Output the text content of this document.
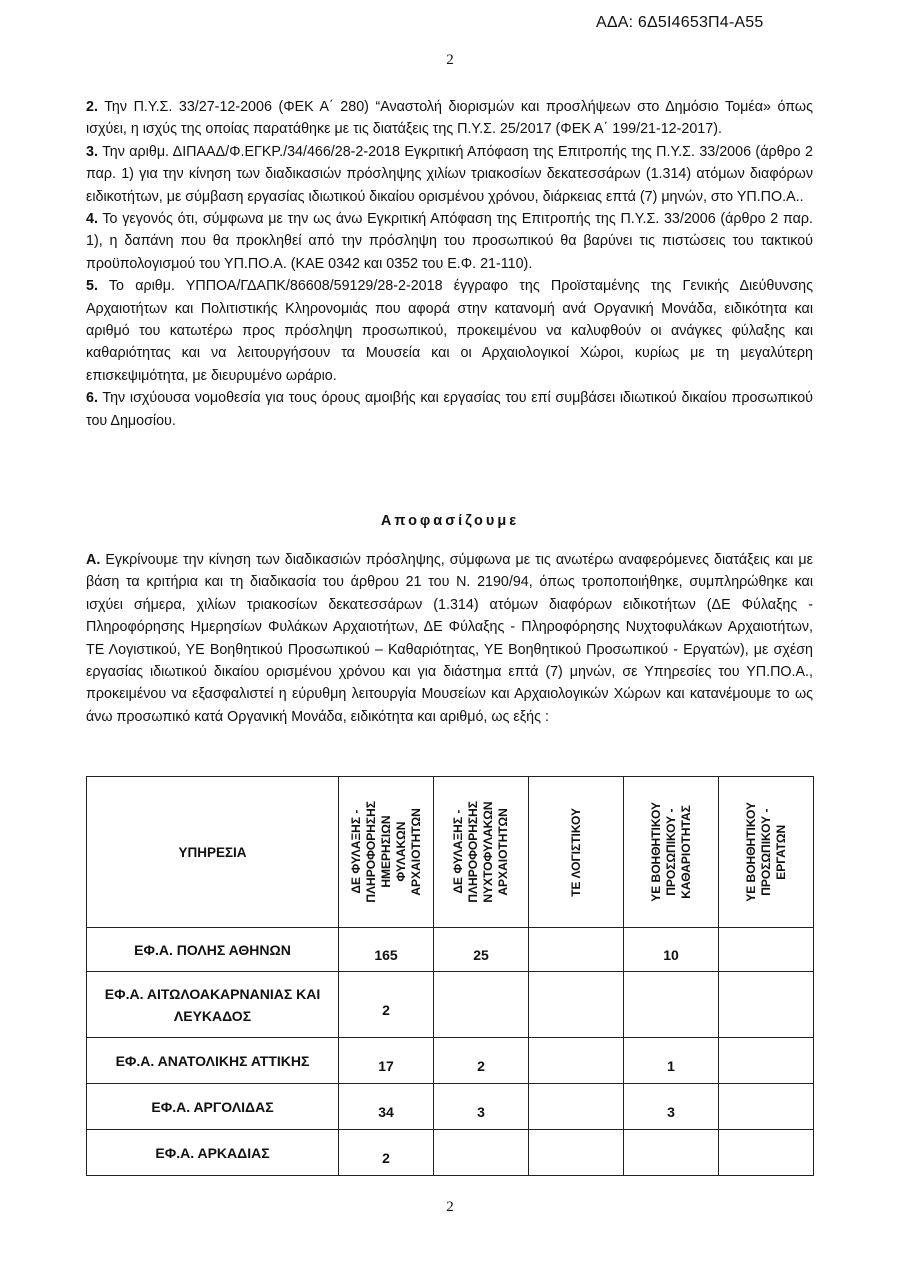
ΑΔΑ: 6Δ5Ι4653Π4-Α55
2

2. Την Π.Υ.Σ. 33/27-12-2006 (ΦΕΚ Α΄ 280) “Αναστολή διορισμών και προσλήψεων στο Δημόσιο Τομέα» όπως ισχύει, η ισχύς της οποίας παρατάθηκε με τις διατάξεις της Π.Υ.Σ. 25/2017 (ΦΕΚ Α΄ 199/21-12-2017).

3. Την αριθμ. ΔΙΠΑΑΔ/Φ.ΕΓΚΡ./34/466/28-2-2018 Εγκριτική Απόφαση της Επιτροπής της Π.Υ.Σ. 33/2006 (άρθρο 2 παρ. 1) για την κίνηση των διαδικασιών πρόσληψης χιλίων τριακοσίων δεκατεσσάρων (1.314) ατόμων διαφόρων ειδικοτήτων, με σύμβαση εργασίας ιδιωτικού δικαίου ορισμένου χρόνου, διάρκειας επτά (7) μηνών, στο ΥΠ.ΠΟ.Α..

4. Το γεγονός ότι, σύμφωνα με την ως άνω Εγκριτική Απόφαση της Επιτροπής της Π.Υ.Σ. 33/2006 (άρθρο 2 παρ. 1), η δαπάνη που θα προκληθεί από την πρόσληψη του προσωπικού θα βαρύνει τις πιστώσεις του τακτικού προϋπολογισμού του ΥΠ.ΠΟ.Α. (ΚΑΕ 0342 και 0352 του Ε.Φ. 21-110).

5. Το αριθμ. ΥΠΠΟΑ/ΓΔΑΠΚ/86608/59129/28-2-2018 έγγραφο της Προϊσταμένης της Γενικής Διεύθυνσης Αρχαιοτήτων και Πολιτιστικής Κληρονομιάς που αφορά στην κατανομή ανά Οργανική Μονάδα, ειδικότητα και αριθμό του κατωτέρω προς πρόσληψη προσωπικού, προκειμένου να καλυφθούν οι ανάγκες φύλαξης και καθαριότητας και να λειτουργήσουν τα Μουσεία και οι Αρχαιολογικοί Χώροι, κυρίως με τη μεγαλύτερη επισκεψιμότητα, με διευρυμένο ωράριο.

6. Την ισχύουσα νομοθεσία για τους όρους αμοιβής και εργασίας του επί συμβάσει ιδιωτικού δικαίου προσωπικού του Δημοσίου.

Αποφασίζουμε

Α. Εγκρίνουμε την κίνηση των διαδικασιών πρόσληψης, σύμφωνα με τις ανωτέρω αναφερόμενες διατάξεις και με βάση τα κριτήρια και τη διαδικασία του άρθρου 21 του Ν. 2190/94, όπως τροποποιήθηκε, συμπληρώθηκε και ισχύει σήμερα, χιλίων τριακοσίων δεκατεσσάρων (1.314) ατόμων διαφόρων ειδικοτήτων (ΔΕ Φύλαξης - Πληροφόρησης Ημερησίων Φυλάκων Αρχαιοτήτων, ΔΕ Φύλαξης - Πληροφόρησης Νυχτοφυλάκων Αρχαιοτήτων, ΤΕ Λογιστικού, ΥΕ Βοηθητικού Προσωπικού – Καθαριότητας, ΥΕ Βοηθητικού Προσωπικού - Εργατών), με σχέση εργασίας ιδιωτικού δικαίου ορισμένου χρόνου και για διάστημα επτά (7) μηνών, σε Υπηρεσίες του ΥΠ.ΠΟ.Α., προκειμένου να εξασφαλιστεί η εύρυθμη λειτουργία Μουσείων και Αρχαιολογικών Χώρων και κατανέμουμε το ως άνω προσωπικό κατά Οργανική Μονάδα, ειδικότητα και αριθμό, ως εξής :

ΥΠΗΡΕΣΙΑ	ΔΕ ΦΥΛΑΞΗΣ -
ΠΛΗΡΟΦΟΡΗΣΗΣ
ΗΜΕΡΗΣΙΩΝ
ΦΥΛΑΚΩΝ
ΑΡΧΑΙΟΤΗΤΩΝ	ΔΕ ΦΥΛΑΞΗΣ -
ΠΛΗΡΟΦΟΡΗΣΗΣ
ΝΥΧΤΟΦΥΛΑΚΩΝ
ΑΡΧΑΙΟΤΗΤΩΝ	ΤΕ ΛΟΓΙΣΤΙΚΟΥ	ΥΕ ΒΟΗΘΗΤΙΚΟΥ
ΠΡΟΣΩΠΙΚΟΥ -
ΚΑΘΑΡΙΟΤΗΤΑΣ	ΥΕ ΒΟΗΘΗΤΙΚΟΥ
ΠΡΟΣΩΠΙΚΟΥ -
ΕΡΓΑΤΩΝ

ΕΦ.Α. ΠΟΛΗΣ ΑΘΗΝΩΝ	165	25		10	
ΕΦ.Α. ΑΙΤΩΛΟΑΚΑΡΝΑΝΙΑΣ ΚΑΙ ΛΕΥΚΑΔΟΣ	2				
ΕΦ.Α. ΑΝΑΤΟΛΙΚΗΣ ΑΤΤΙΚΗΣ	17	2		1	
ΕΦ.Α. ΑΡΓΟΛΙΔΑΣ	34	3		3	
ΕΦ.Α. ΑΡΚΑΔΙΑΣ	2				
2
